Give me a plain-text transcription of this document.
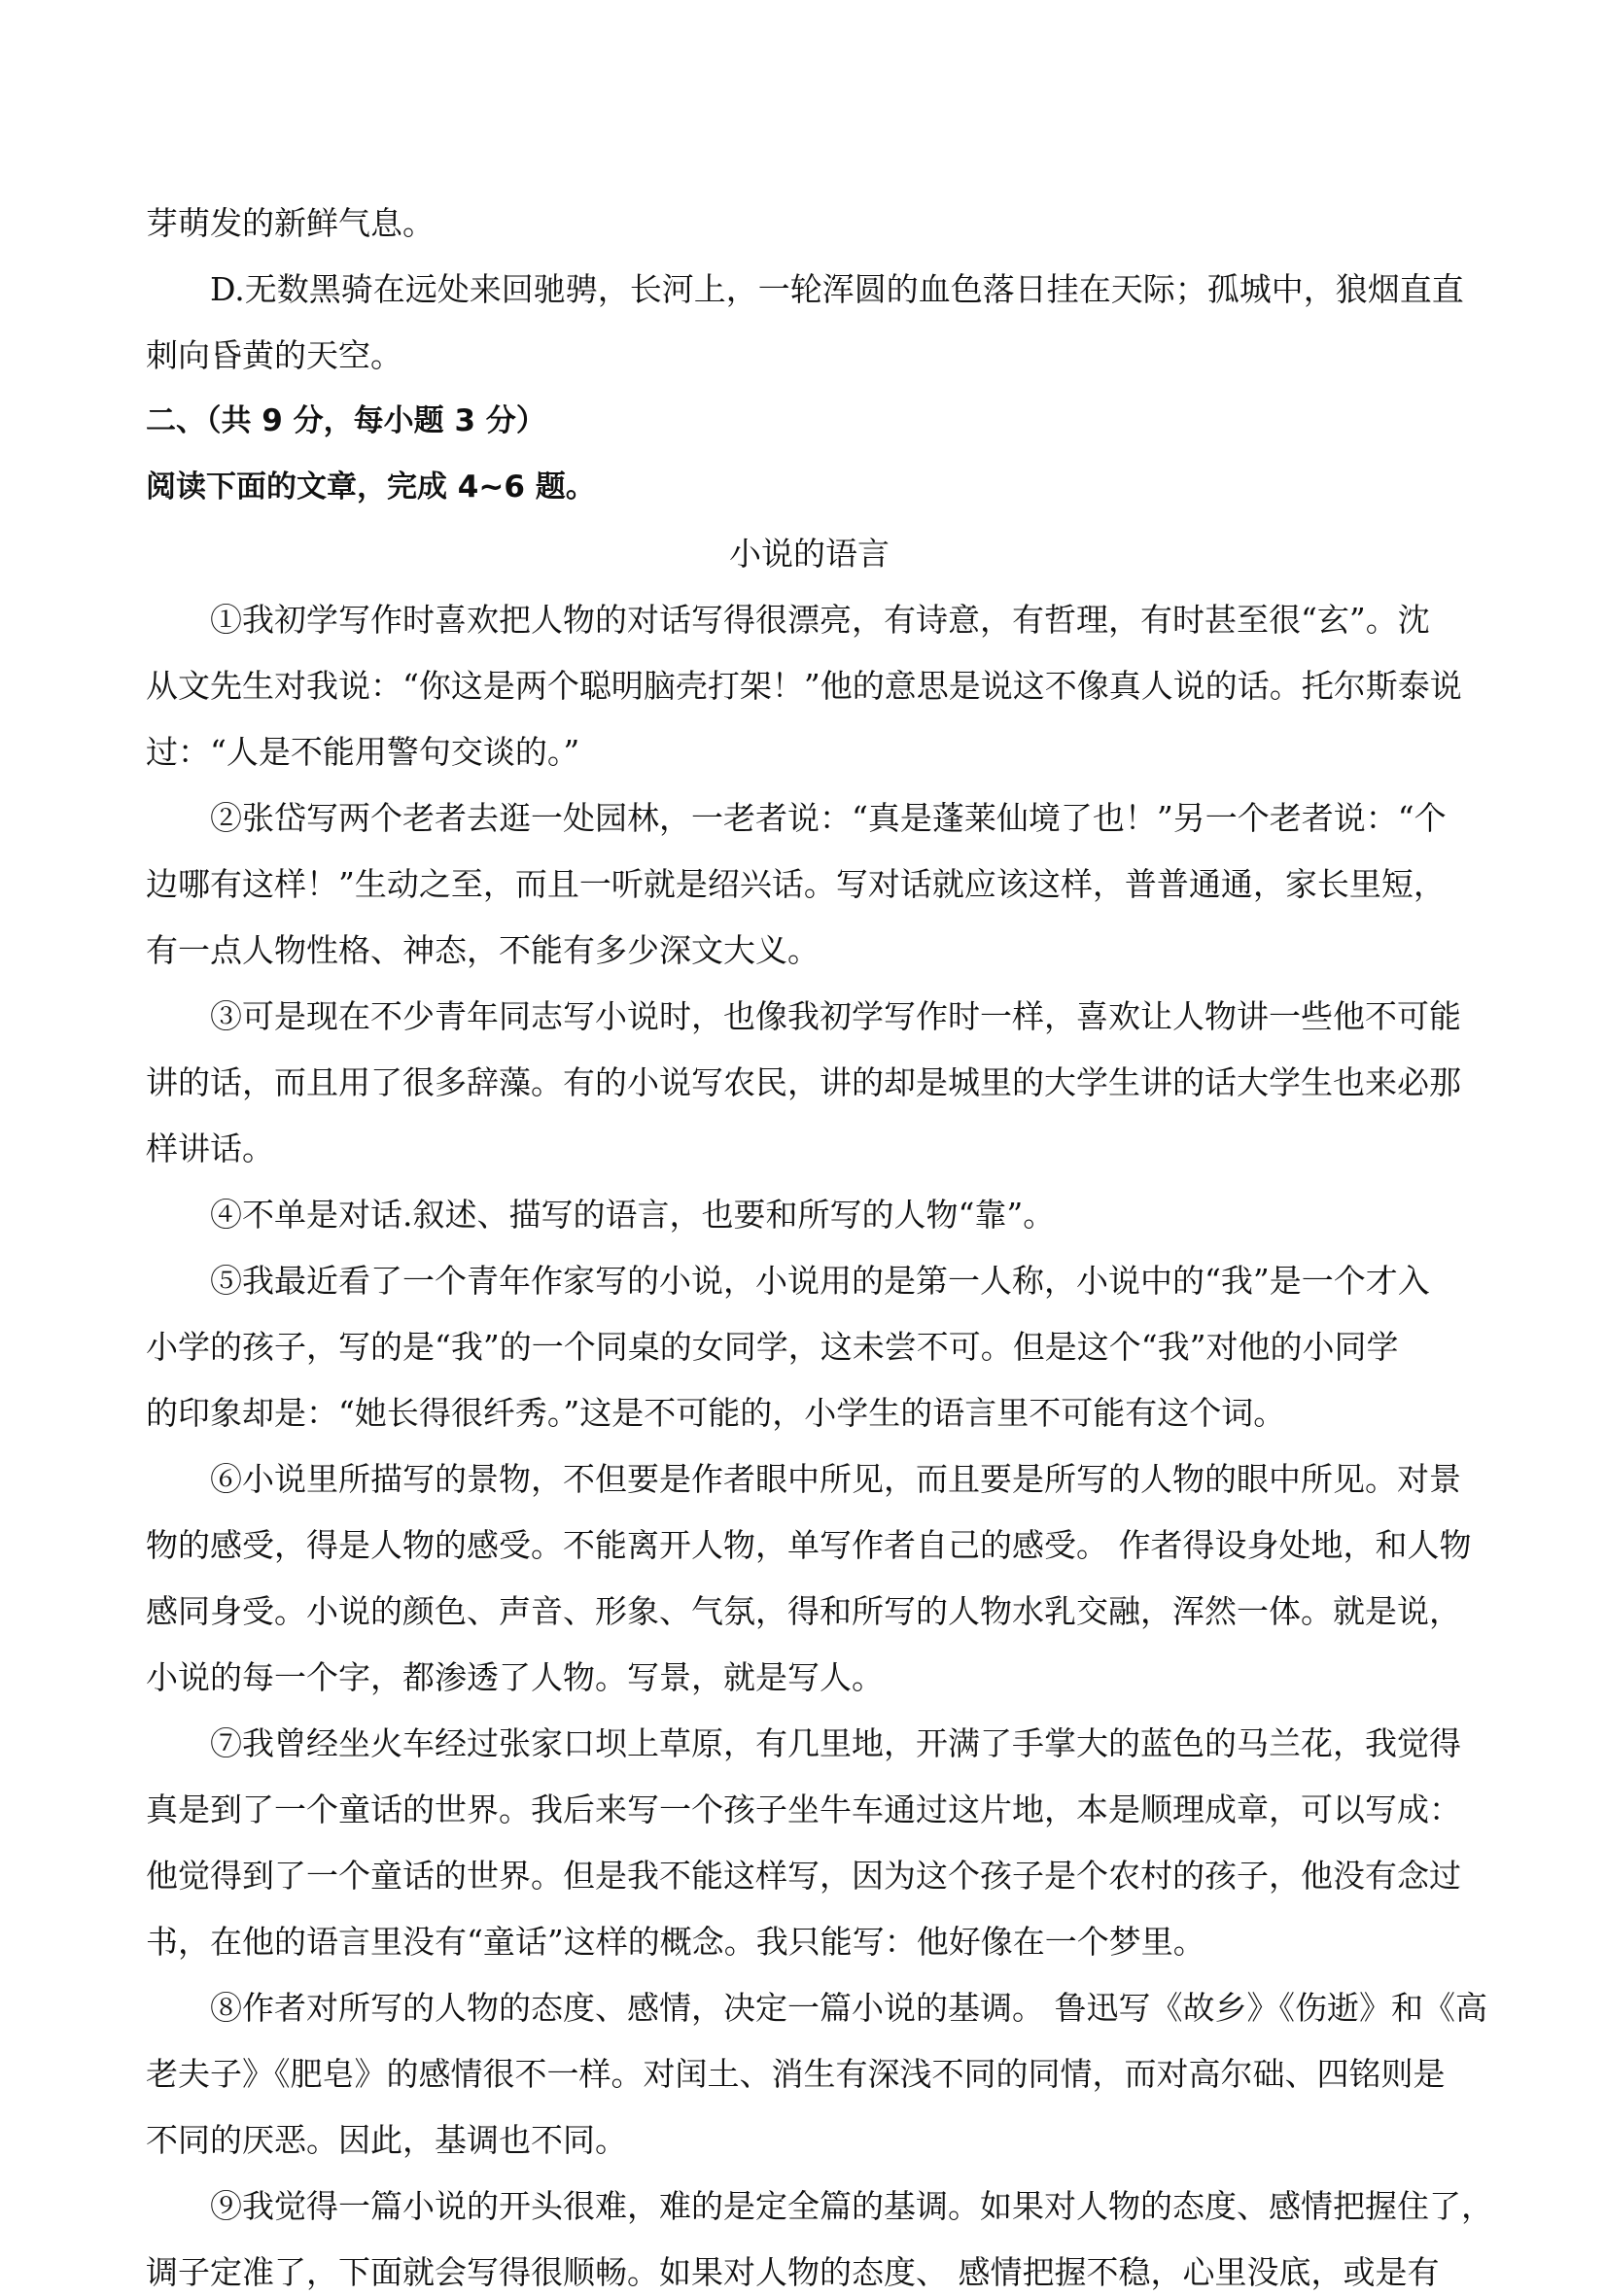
芽萌发的新鲜气息。

D.无数黑骑在远处来回驰骋，长河上，一轮浑圆的血色落日挂在天际；孤城中，狼烟直直

刺向昏黄的天空。

二、（共 9 分，每小题 3 分）

阅读下面的文章，完成 4~6 题。

小说的语言

①我初学写作时喜欢把人物的对话写得很漂亮，有诗意，有哲理，有时甚至很“玄”。沈

从文先生对我说：“你这是两个聪明脑壳打架！”他的意思是说这不像真人说的话。托尔斯泰说

过：“人是不能用警句交谈的。”

②张岱写两个老者去逛一处园林，一老者说：“真是蓬莱仙境了也！”另一个老者说：“个

边哪有这样！”生动之至，而且一听就是绍兴话。写对话就应该这样，普普通通，家长里短，

有一点人物性格、神态，不能有多少深文大义。

③可是现在不少青年同志写小说时，也像我初学写作时一样，喜欢让人物讲一些他不可能

讲的话，而且用了很多辞藻。有的小说写农民，讲的却是城里的大学生讲的话大学生也来必那

样讲话。

④不单是对话.叙述、描写的语言，也要和所写的人物“靠”。

⑤我最近看了一个青年作家写的小说，小说用的是第一人称，小说中的“我”是一个才入

小学的孩子，写的是“我”的一个同桌的女同学，这未尝不可。但是这个“我”对他的小同学

的印象却是：“她长得很纤秀。”这是不可能的，小学生的语言里不可能有这个词。

⑥小说里所描写的景物，不但要是作者眼中所见，而且要是所写的人物的眼中所见。对景

物的感受，得是人物的感受。不能离开人物，单写作者自己的感受。 作者得设身处地，和人物

感同身受。小说的颜色、声音、形象、气氛，得和所写的人物水乳交融，浑然一体。就是说，

小说的每一个字，都渗透了人物。写景，就是写人。

⑦我曾经坐火车经过张家口坝上草原，有几里地，开满了手掌大的蓝色的马兰花，我觉得

真是到了一个童话的世界。我后来写一个孩子坐牛车通过这片地，本是顺理成章，可以写成：

他觉得到了一个童话的世界。但是我不能这样写，因为这个孩子是个农村的孩子，他没有念过

书，在他的语言里没有“童话”这样的概念。我只能写：他好像在一个梦里。

⑧作者对所写的人物的态度、感情，决定一篇小说的基调。 鲁迅写《故乡》《伤逝》和《高

老夫子》《肥皂》的感情很不一样。对闰土、消生有深浅不同的同情，而对高尔础、四铭则是

不同的厌恶。因此，基调也不同。

⑨我觉得一篇小说的开头很难，难的是定全篇的基调。如果对人物的态度、感情把握住了，

调子定准了，下面就会写得很顺畅。如果对人物的态度、 感情把握不稳，心里没底，或是有
